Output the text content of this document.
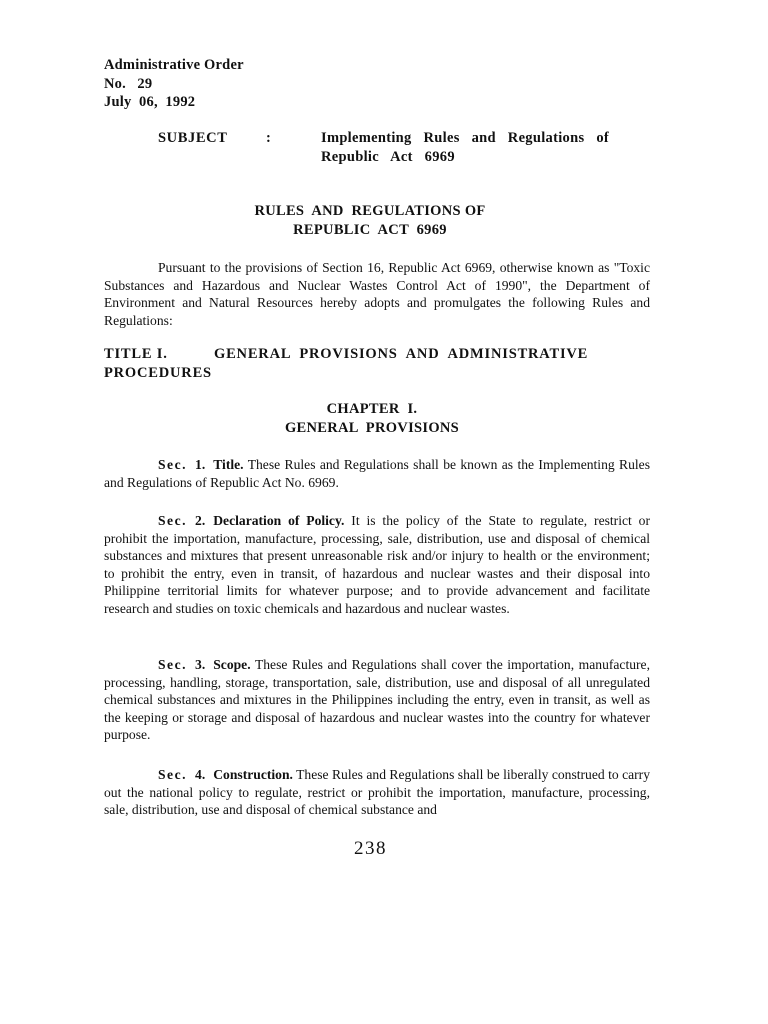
Administrative Order
No.   29
July  06,  1992
SUBJECT	:	Implementing Rules and Regulations of Republic Act 6969
RULES  AND  REGULATIONS OF
REPUBLIC  ACT  6969
Pursuant to the provisions of Section 16, Republic Act 6969, otherwise known as "Toxic Substances and Hazardous and Nuclear Wastes Control Act of 1990", the Department of Environment and Natural Resources hereby adopts and promulgates the following Rules and Regulations:
TITLE I.	GENERAL  PROVISIONS  AND  ADMINISTRATIVE PROCEDURES
CHAPTER  I.
GENERAL  PROVISIONS
Sec. 1. Title. These Rules and Regulations shall be known as the Implementing Rules and Regulations of Republic Act No. 6969.
Sec. 2. Declaration of Policy. It is the policy of the State to regulate, restrict or prohibit the importation, manufacture, processing, sale, distribution, use and disposal of chemical substances and mixtures that present unreasonable risk and/or injury to health or the environment; to prohibit the entry, even in transit, of hazardous and nuclear wastes and their disposal into Philippine territorial limits for whatever purpose; and to provide advancement and facilitate research and studies on toxic chemicals and hazardous and nuclear wastes.
Sec. 3. Scope. These Rules and Regulations shall cover the importation, manufacture, processing, handling, storage, transportation, sale, distribution, use and disposal of all unregulated chemical substances and mixtures in the Philippines including the entry, even in transit, as well as the keeping or storage and disposal of hazardous and nuclear wastes into the country for whatever purpose.
Sec. 4. Construction. These Rules and Regulations shall be liberally construed to carry out the national policy to regulate, restrict or prohibit the importation, manufacture, processing, sale, distribution, use and disposal of chemical substance and
238
